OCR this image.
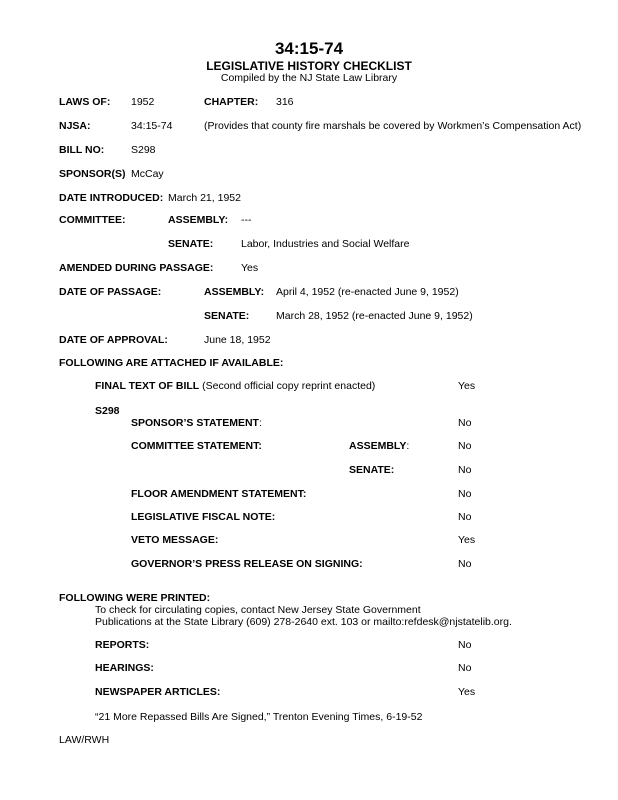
34:15-74
LEGISLATIVE HISTORY CHECKLIST
Compiled by the NJ State Law Library
LAWS OF: 1952	CHAPTER: 316
NJSA:	34:15-74	(Provides that county fire marshals be covered by Workmen’s Compensation Act)
BILL NO:	S298
SPONSOR(S) McCay
DATE INTRODUCED: March 21, 1952
COMMITTEE:	ASSEMBLY: ---
SENATE:	Labor, Industries and Social Welfare
AMENDED DURING PASSAGE:	Yes
DATE OF PASSAGE:	ASSEMBLY: April 4, 1952 (re-enacted June 9, 1952)
SENATE:	March 28, 1952 (re-enacted June 9, 1952)
DATE OF APPROVAL:	June 18, 1952
FOLLOWING ARE ATTACHED IF AVAILABLE:
FINAL TEXT OF BILL (Second official copy reprint enacted)	Yes
S298
SPONSOR’S STATEMENT:	No
COMMITTEE STATEMENT:	ASSEMBLY:	No
SENATE:	No
FLOOR AMENDMENT STATEMENT:	No
LEGISLATIVE FISCAL NOTE:	No
VETO MESSAGE:	Yes
GOVERNOR’S PRESS RELEASE ON SIGNING:	No
FOLLOWING WERE PRINTED:
To check for circulating copies, contact New Jersey State Government
Publications at the State Library (609) 278-2640 ext. 103 or mailto:refdesk@njstatelib.org.
REPORTS:	No
HEARINGS:	No
NEWSPAPER ARTICLES:	Yes
“21 More Repassed Bills Are Signed,” Trenton Evening Times, 6-19-52
LAW/RWH
